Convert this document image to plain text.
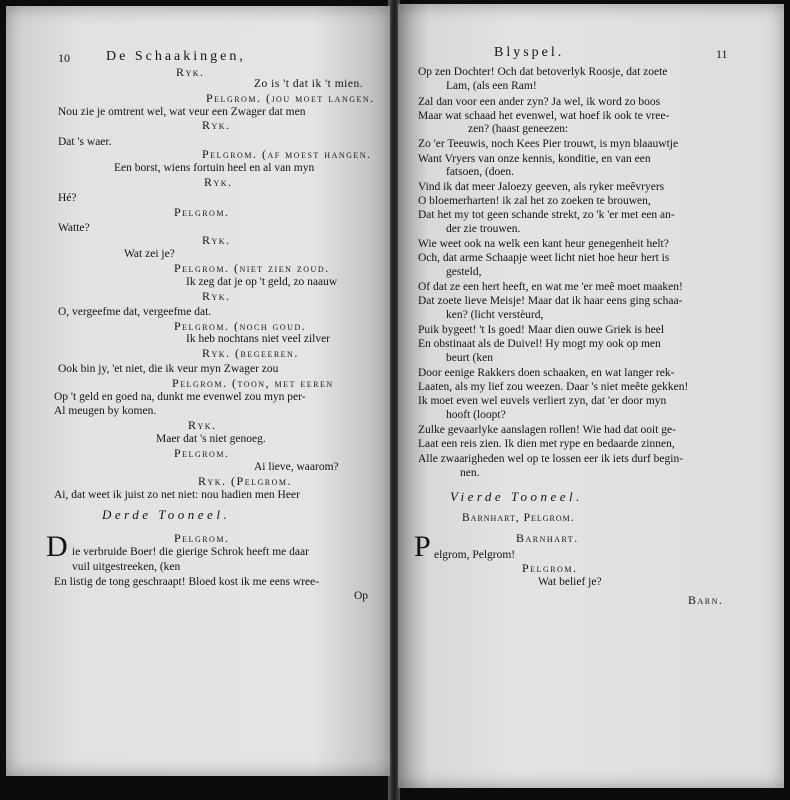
10	De Schaakingen,
Ryk.
Zo is 't dat ik 't mien.
Pelgrom. (jou moet langen.
Nou zie je omtrent wel, wat veur een Zwager dat men
Ryk.
Dat 's waer.
Pelgrom. (af moest hangen.
Een borst, wiens fortuin heel en al van myn
Ryk.
Hé?
Pelgrom.
Watte?
Ryk.
Wat zei je?
Pelgrom. (niet zien zoud.
Ik zeg dat je op 't geld, zo naauw
Ryk.
O, vergeefme dat, vergeefme dat.
Pelgrom. (noch goud.
Ik heb nochtans niet veel zilver
Ryk. (begeeren.
Ook bin jy, 'et niet, die ik veur myn Zwager zou
Pelgrom. (toon, met eeren
Op 't geld en goed na, dunkt me evenwel zou myn per-
Al meugen by komen.
Ryk.
Maer dat 's niet genoeg.
Pelgrom.
Ai lieve, waarom?
Ryk. (Pelgrom.
Ai, dat weet ik juist zo net niet: nou hadien men Heer
Derde Tooneel.
Pelgrom.
D ie verbruide Boer! die gierige Schrok heeft me daar
vuil uitgestreeken, (ken
En listig de tong geschraapt! Bloed kost ik me eens wree-
Op
Blyspel.	11
Op zen Dochter! Och dat betoverlyk Roosje, dat zoete
Lam, (als een Ram!
Zal dan voor een ander zyn? Ja wel, ik word zo boos
Maar wat schaad het evenwel, wat hoef ik ook te vree-
zen? (haast geneezen:
Zo 'er Teeuwis, noch Kees Pier trouwt, is myn blaauwtje
Want Vryers van onze kennis, konditie, en van een
fatsoen, (doen.
Vind ik dat meer Jaloezy geeven, als ryker meêvryers
O bloemerharten! ik zal het zo zoeken te brouwen,
Dat het my tot geen schande strekt, zo 'k 'er met een an-
der zie trouwen.
Wie weet ook na welk een kant heur genegenheit helt?
Och, dat arme Schaapje weet licht niet hoe heur hert is
gesteld,
Of dat ze een hert heeft, en wat me 'er meê moet maaken!
Dat zoete lieve Meisje! Maar dat ik haar eens ging schaa-
ken? (licht verstèurd,
Puik bygeet! 't Is goed! Maar dien ouwe Griek is heel
En obstinaat als de Duivel! Hy mogt my ook op men
beurt (ken
Door eenige Rakkers doen schaaken, en wat langer rek-
Laaten, als my lief zou weezen. Daar 's niet meête gekken!
Ik moet even wel euvels verliert zyn, dat 'er door myn
hooft (loopt?
Zulke gevaarlyke aanslagen rollen! Wie had dat ooit ge-
Laat een reis zien. Ik dien met rype en bedaarde zinnen,
Alle zwaarigheden wel op te lossen eer ik iets durf begin-
nen.
Vierde Tooneel.
Barnhart, Pelgrom.
Barnhart.
P elgrom, Pelgrom!
Pelgrom.
Wat belief je?
Barn.
